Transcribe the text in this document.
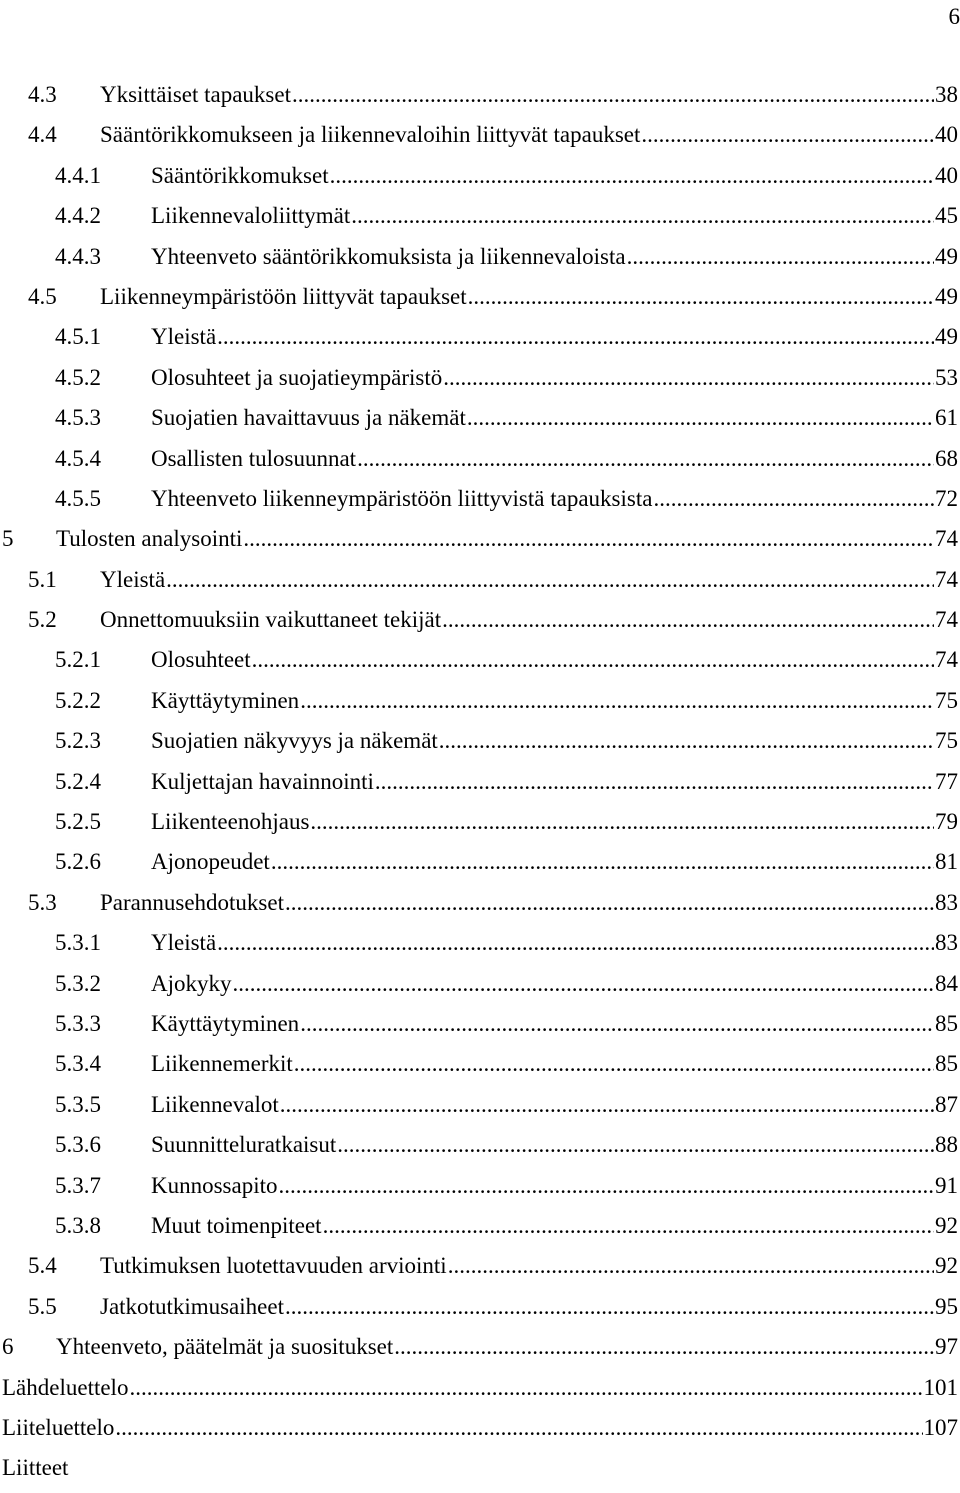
6
4.3 Yksittäiset tapaukset .....	38
4.4 Sääntörikkomukseen ja liikennevaloihin liittyvät tapaukset .....	40
4.4.1 Sääntörikkomukset .....	40
4.4.2 Liikennevaloliittymät .....	45
4.4.3 Yhteenveto sääntörikkomuksista ja liikennevaloista .....	49
4.5 Liikenneympäristöön liittyvät tapaukset .....	49
4.5.1 Yleistä .....	49
4.5.2 Olosuhteet ja suojatieympäristö .....	53
4.5.3 Suojatien havaittavuus ja näkemät .....	61
4.5.4 Osallisten tulosuunnat .....	68
4.5.5 Yhteenveto liikenneympäristöön liittyvistä tapauksista .....	72
5 Tulosten analysointi .....	74
5.1 Yleistä .....	74
5.2 Onnettomuuksiin vaikuttaneet tekijät .....	74
5.2.1 Olosuhteet .....	74
5.2.2 Käyttäytyminen .....	75
5.2.3 Suojatien näkyvyys ja näkemät .....	75
5.2.4 Kuljettajan havainnointi .....	77
5.2.5 Liikenteenohjaus .....	79
5.2.6 Ajonopeudet .....	81
5.3 Parannusehdotukset .....	83
5.3.1 Yleistä .....	83
5.3.2 Ajokyky .....	84
5.3.3 Käyttäytyminen .....	85
5.3.4 Liikennemerkit .....	85
5.3.5 Liikennevalot .....	87
5.3.6 Suunnitteluratkaisut .....	88
5.3.7 Kunnossapito .....	91
5.3.8 Muut toimenpiteet .....	92
5.4 Tutkimuksen luotettavuuden arviointi .....	92
5.5 Jatkotutkimusaiheet .....	95
6 Yhteenveto, päätelmät ja suositukset .....	97
Lähdeluettelo .....	101
Liiteluettelo .....	107
Liitteet
